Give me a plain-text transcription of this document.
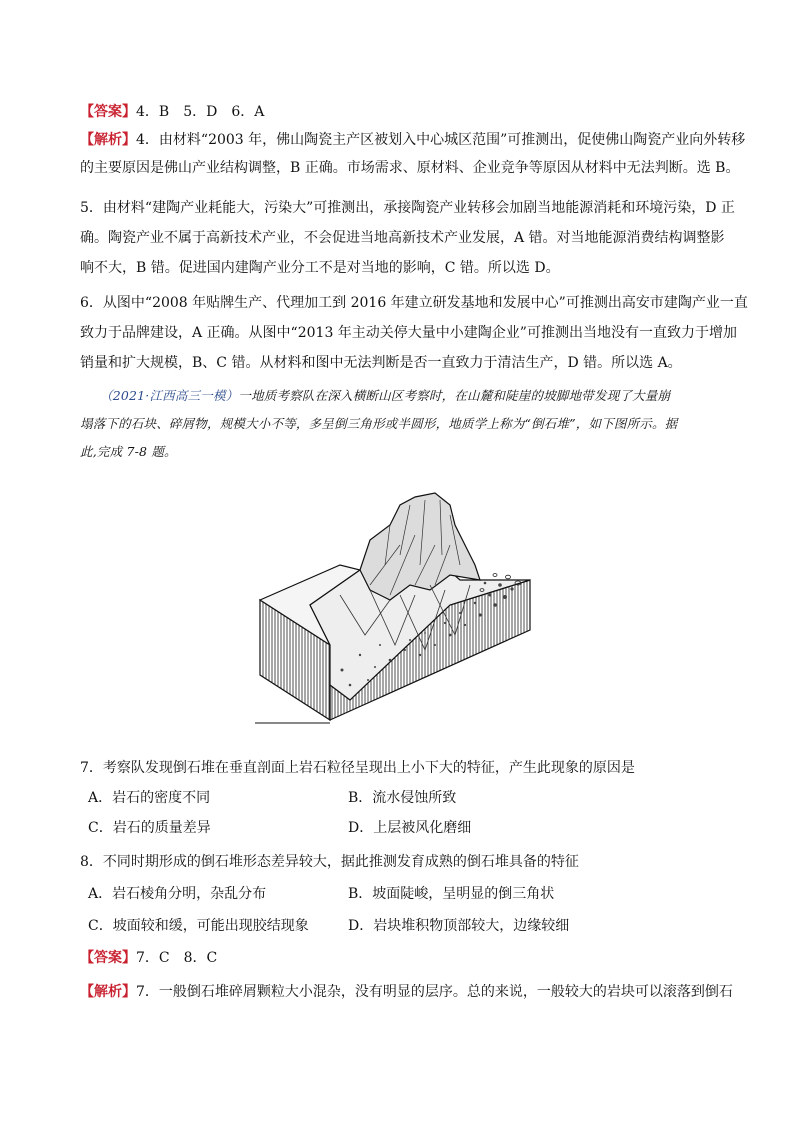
【答案】4．B　5．D　6．A
【解析】4．由材料“2003 年，佛山陶瓷主产区被划入中心城区范围”可推测出，促使佛山陶瓷产业向外转移
的主要原因是佛山产业结构调整，B 正确。市场需求、原材料、企业竞争等原因从材料中无法判断。选 B。
5．由材料“建陶产业耗能大，污染大”可推测出，承接陶瓷产业转移会加剧当地能源消耗和环境污染，D 正
确。陶瓷产业不属于高新技术产业，不会促进当地高新技术产业发展，A 错。对当地能源消费结构调整影
响不大，B 错。促进国内建陶产业分工不是对当地的影响，C 错。所以选 D。
6．从图中“2008 年贴牌生产、代理加工到 2016 年建立研发基地和发展中心”可推测出高安市建陶产业一直
致力于品牌建设，A 正确。从图中“2013 年主动关停大量中小建陶企业”可推测出当地没有一直致力于增加
销量和扩大规模，B、C 错。从材料和图中无法判断是否一直致力于清洁生产，D 错。所以选 A。
（2021·江西高三一模）一地质考察队在深入横断山区考察时，在山麓和陡崖的坡脚地带发现了大量崩
塌落下的石块、碎屑物，规模大小不等，多呈倒三角形或半圆形，地质学上称为“倒石堆”，如下图所示。据
此,完成 7-8 题。
7．考察队发现倒石堆在垂直剖面上岩石粒径呈现出上小下大的特征，产生此现象的原因是
A．岩石的密度不同	B．流水侵蚀所致
C．岩石的质量差异	D．上层被风化磨细
8．不同时期形成的倒石堆形态差异较大，据此推测发育成熟的倒石堆具备的特征
A．岩石棱角分明，杂乱分布	B．坡面陡峻，呈明显的倒三角状
C．坡面较和缓，可能出现胶结现象	D．岩块堆积物顶部较大，边缘较细
【答案】7．C　8．C
【解析】7．一般倒石堆碎屑颗粒大小混杂，没有明显的层序。总的来说，一般较大的岩块可以滚落到倒石
